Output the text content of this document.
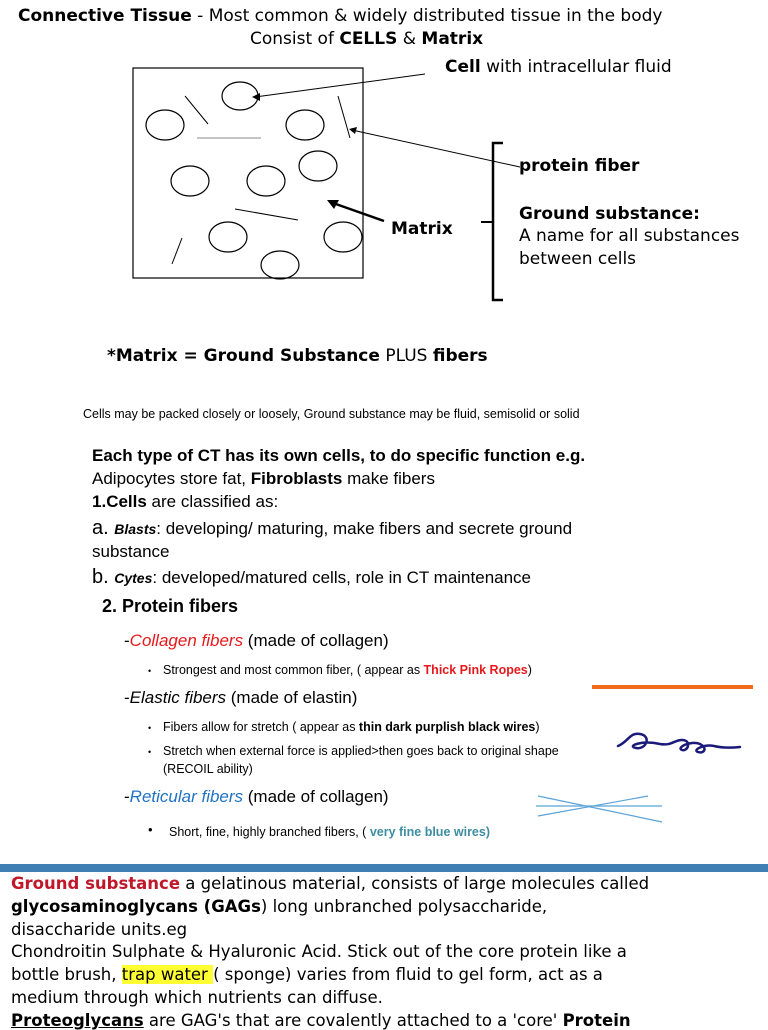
Connective Tissue - Most common & widely distributed tissue in the body
Consist of CELLS & Matrix
Cell with intracellular fluid
Matrix
protein fiber
Ground substance:
A name for all substances
between cells
*Matrix = Ground Substance PLUS fibers
Cells may be packed closely or loosely, Ground substance may be fluid, semisolid or solid
Each type of CT has its own cells, to do specific function e.g.
Adipocytes store fat, Fibroblasts make fibers
1.Cells are classified as:
a. Blasts: developing/ maturing, make fibers and secrete ground
substance
b. Cytes: developed/matured cells, role in CT maintenance
2. Protein fibers
-Collagen fibers (made of collagen)
• Strongest and most common fiber, ( appear as Thick Pink Ropes)
-Elastic fibers (made of elastin)
• Fibers allow for stretch ( appear as thin dark purplish black wires)
• Stretch when external force is applied>then goes back to original shape
(RECOIL ability)
-Reticular fibers (made of collagen)
• Short, fine, highly branched fibers, ( very fine blue wires)
Ground substance a gelatinous material, consists of large molecules called
glycosaminoglycans (GAGs) long unbranched polysaccharide,
disaccharide units.eg
Chondroitin Sulphate & Hyaluronic Acid. Stick out of the core protein like a
bottle brush, trap water ( sponge) varies from fluid to gel form, act as a
medium through which nutrients can diffuse.
Proteoglycans are GAG's that are covalently attached to a 'core' Protein
